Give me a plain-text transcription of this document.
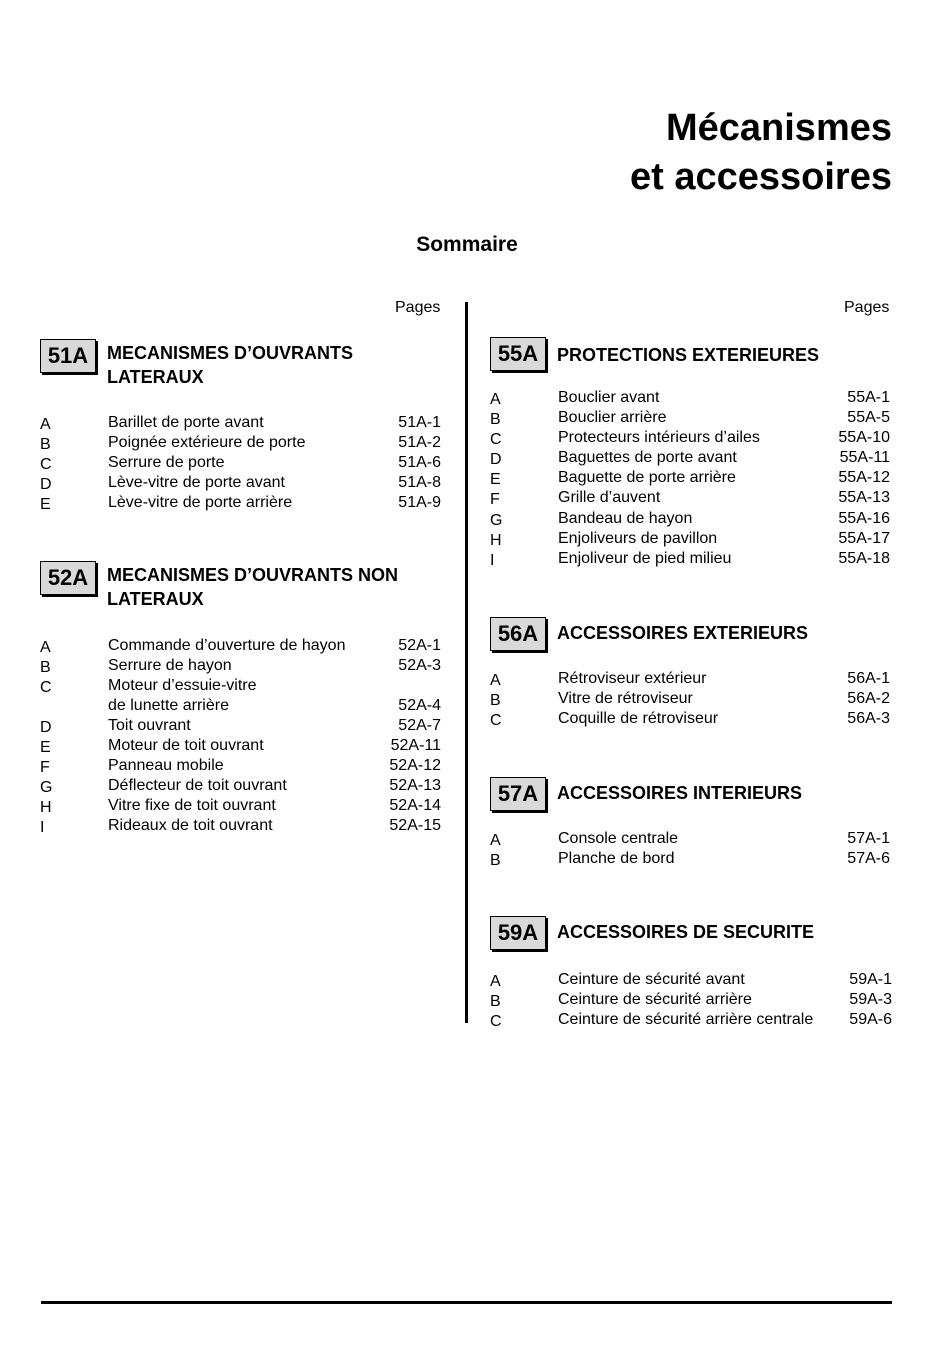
Mécanismes
et accessoires
Sommaire
Pages	Pages
51A	MECANISMES D’OUVRANTS
LATERAUX
A	Barillet de porte avant	51A-1
B	Poignée extérieure de porte	51A-2
C	Serrure de porte	51A-6
D	Lève-vitre de porte avant	51A-8
E	Lève-vitre de porte arrière	51A-9
52A	MECANISMES D’OUVRANTS NON
LATERAUX
A	Commande d’ouverture de hayon	52A-1
B	Serrure de hayon	52A-3
C	Moteur d’essuie-vitre
de lunette arrière	52A-4
D	Toit ouvrant	52A-7
E	Moteur de toit ouvrant	52A-11
F	Panneau mobile	52A-12
G	Déflecteur de toit ouvrant	52A-13
H	Vitre fixe de toit ouvrant	52A-14
I	Rideaux de toit ouvrant	52A-15
55A	PROTECTIONS EXTERIEURES
A	Bouclier avant	55A-1
B	Bouclier arrière	55A-5
C	Protecteurs intérieurs d’ailes	55A-10
D	Baguettes de porte avant	55A-11
E	Baguette de porte arrière	55A-12
F	Grille d’auvent	55A-13
G	Bandeau de hayon	55A-16
H	Enjoliveurs de pavillon	55A-17
I	Enjoliveur de pied milieu	55A-18
56A	ACCESSOIRES EXTERIEURS
A	Rétroviseur extérieur	56A-1
B	Vitre de rétroviseur	56A-2
C	Coquille de rétroviseur	56A-3
57A	ACCESSOIRES INTERIEURS
A	Console centrale	57A-1
B	Planche de bord	57A-6
59A	ACCESSOIRES DE SECURITE
A	Ceinture de sécurité avant	59A-1
B	Ceinture de sécurité arrière	59A-3
C	Ceinture de sécurité arrière centrale 59A-6
